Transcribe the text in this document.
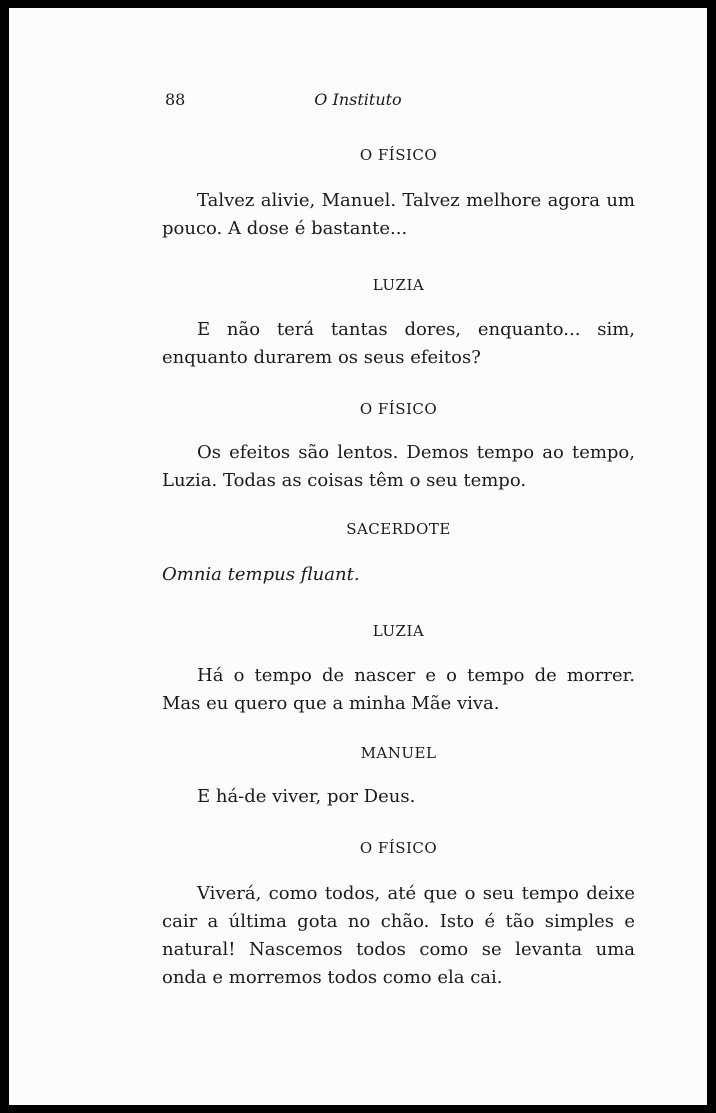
88	O Instituto
O FÍSICO

Talvez alivie, Manuel. Talvez melhore agora um pouco. A dose é bastante...

LUZIA

E não terá tantas dores, enquanto... sim, enquanto durarem os seus efeitos?

O FÍSICO

Os efeitos são lentos. Demos tempo ao tempo, Luzia. Todas as coisas têm o seu tempo.

SACERDOTE

Omnia tempus fluant.

LUZIA

Há o tempo de nascer e o tempo de morrer. Mas eu quero que a minha Mãe viva.

MANUEL

E há-de viver, por Deus.

O FÍSICO

Viverá, como todos, até que o seu tempo deixe cair a última gota no chão. Isto é tão simples e natural! Nascemos todos como se levanta uma onda e morremos todos como ela cai.
